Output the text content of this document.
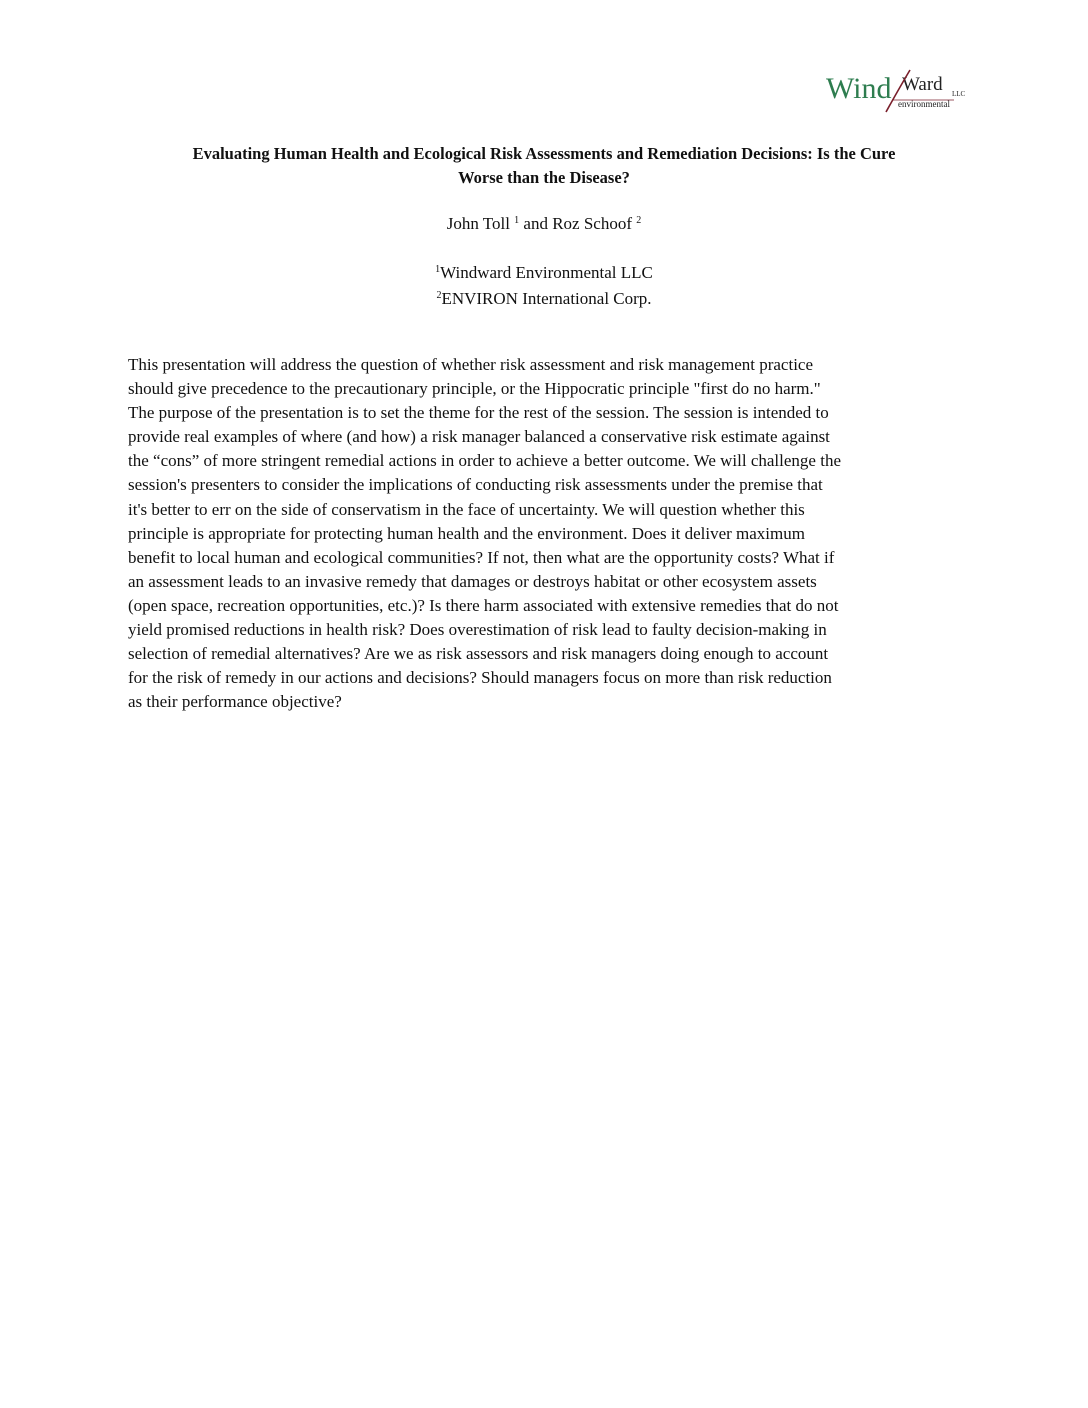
Wind Ward
environmental
LLC
Evaluating Human Health and Ecological Risk Assessments and Remediation Decisions: Is the Cure
Worse than the Disease?
John Toll $^1$ and Roz Schoof $^2$
$^1$Windward Environmental LLC
$^2$ENVIRON International Corp.
This presentation will address the question of whether risk assessment and risk management practice
should give precedence to the precautionary principle, or the Hippocratic principle "first do no harm."
The purpose of the presentation is to set the theme for the rest of the session. The session is intended to
provide real examples of where (and how) a risk manager balanced a conservative risk estimate against
the “cons” of more stringent remedial actions in order to achieve a better outcome. We will challenge the
session's presenters to consider the implications of conducting risk assessments under the premise that
it's better to err on the side of conservatism in the face of uncertainty. We will question whether this
principle is appropriate for protecting human health and the environment. Does it deliver maximum
benefit to local human and ecological communities? If not, then what are the opportunity costs? What if
an assessment leads to an invasive remedy that damages or destroys habitat or other ecosystem assets
(open space, recreation opportunities, etc.)? Is there harm associated with extensive remedies that do not
yield promised reductions in health risk? Does overestimation of risk lead to faulty decision-making in
selection of remedial alternatives? Are we as risk assessors and risk managers doing enough to account
for the risk of remedy in our actions and decisions? Should managers focus on more than risk reduction
as their performance objective?
